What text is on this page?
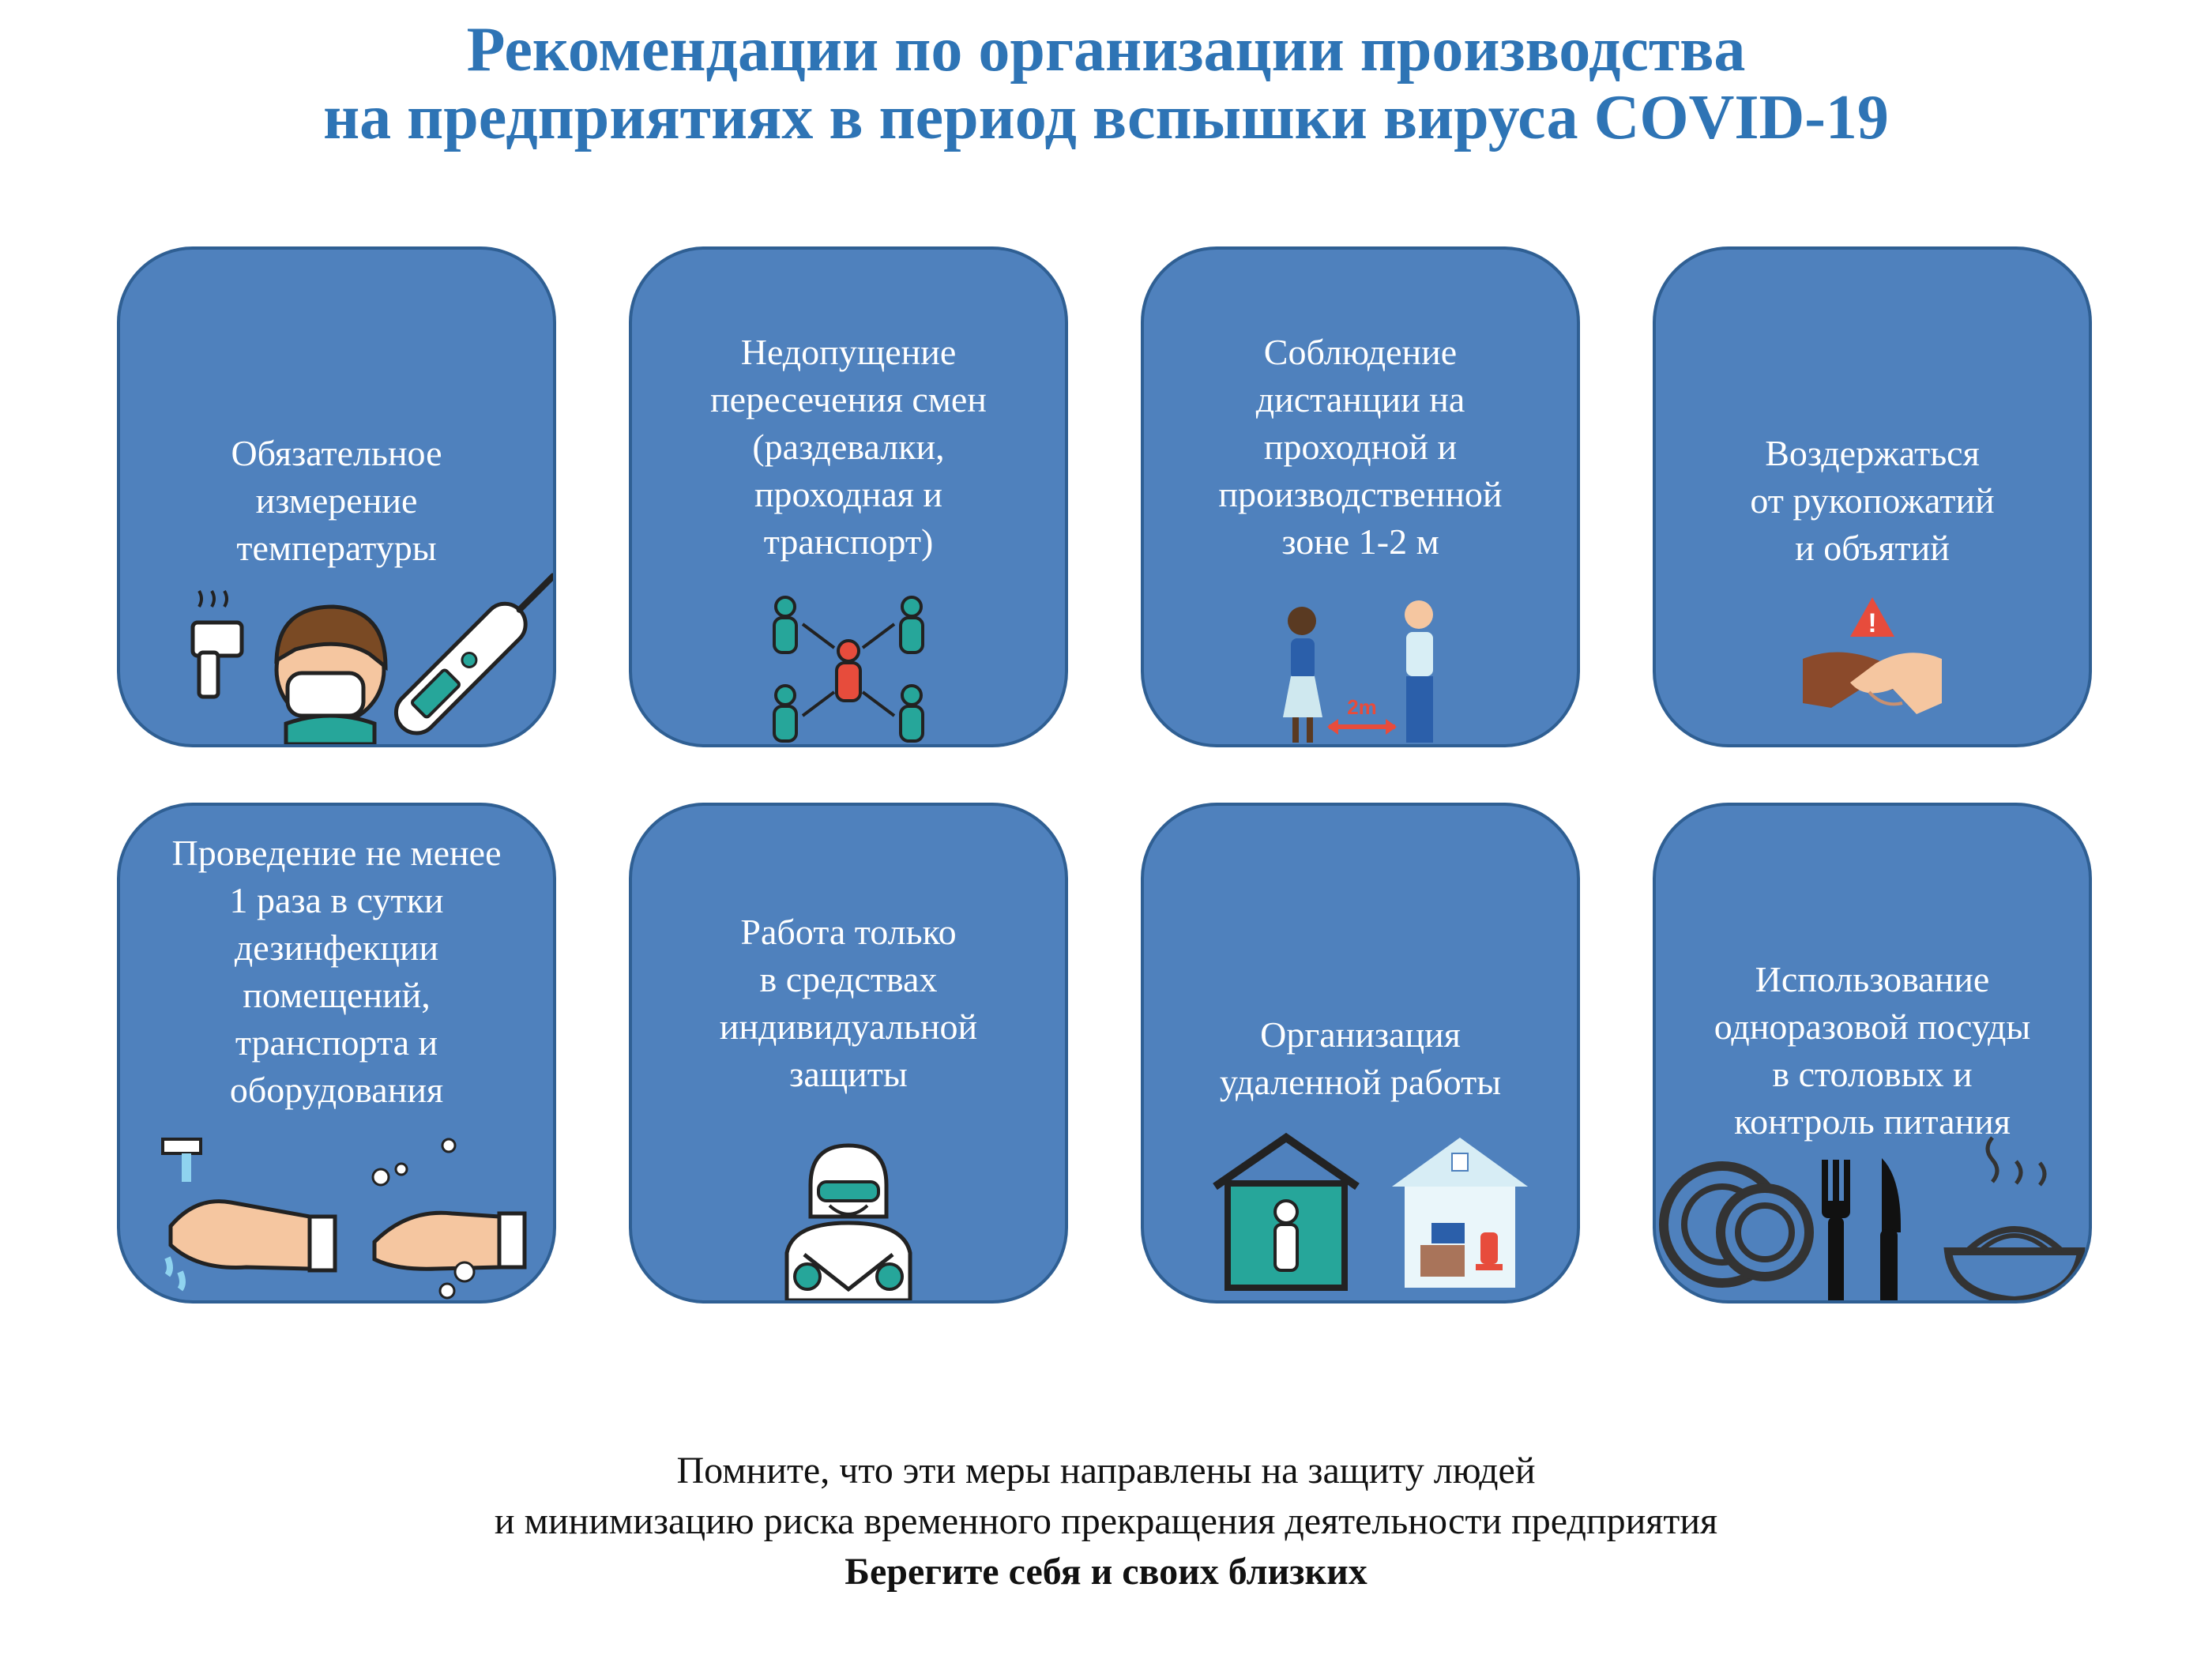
Рекомендации по организации производства
на предприятиях в период вспышки вируса COVID-19
Обязательное
измерение
температуры
Недопущение
пересечения смен
(раздевалки,
проходная и
транспорт)
Соблюдение
дистанции на
проходной и
производственной
зоне 1-2 м
2m
Воздержаться
от рукопожатий
и объятий
!
Проведение не менее
1 раза в сутки
дезинфекции
помещений,
транспорта и
оборудования
Работа только
в средствах
индивидуальной
защиты
Организация
удаленной работы
Использование
одноразовой посуды
в столовых и
контроль питания
Помните, что эти меры направлены на защиту людей
и минимизацию риска временного прекращения деятельности предприятия
Берегите себя и своих близких
